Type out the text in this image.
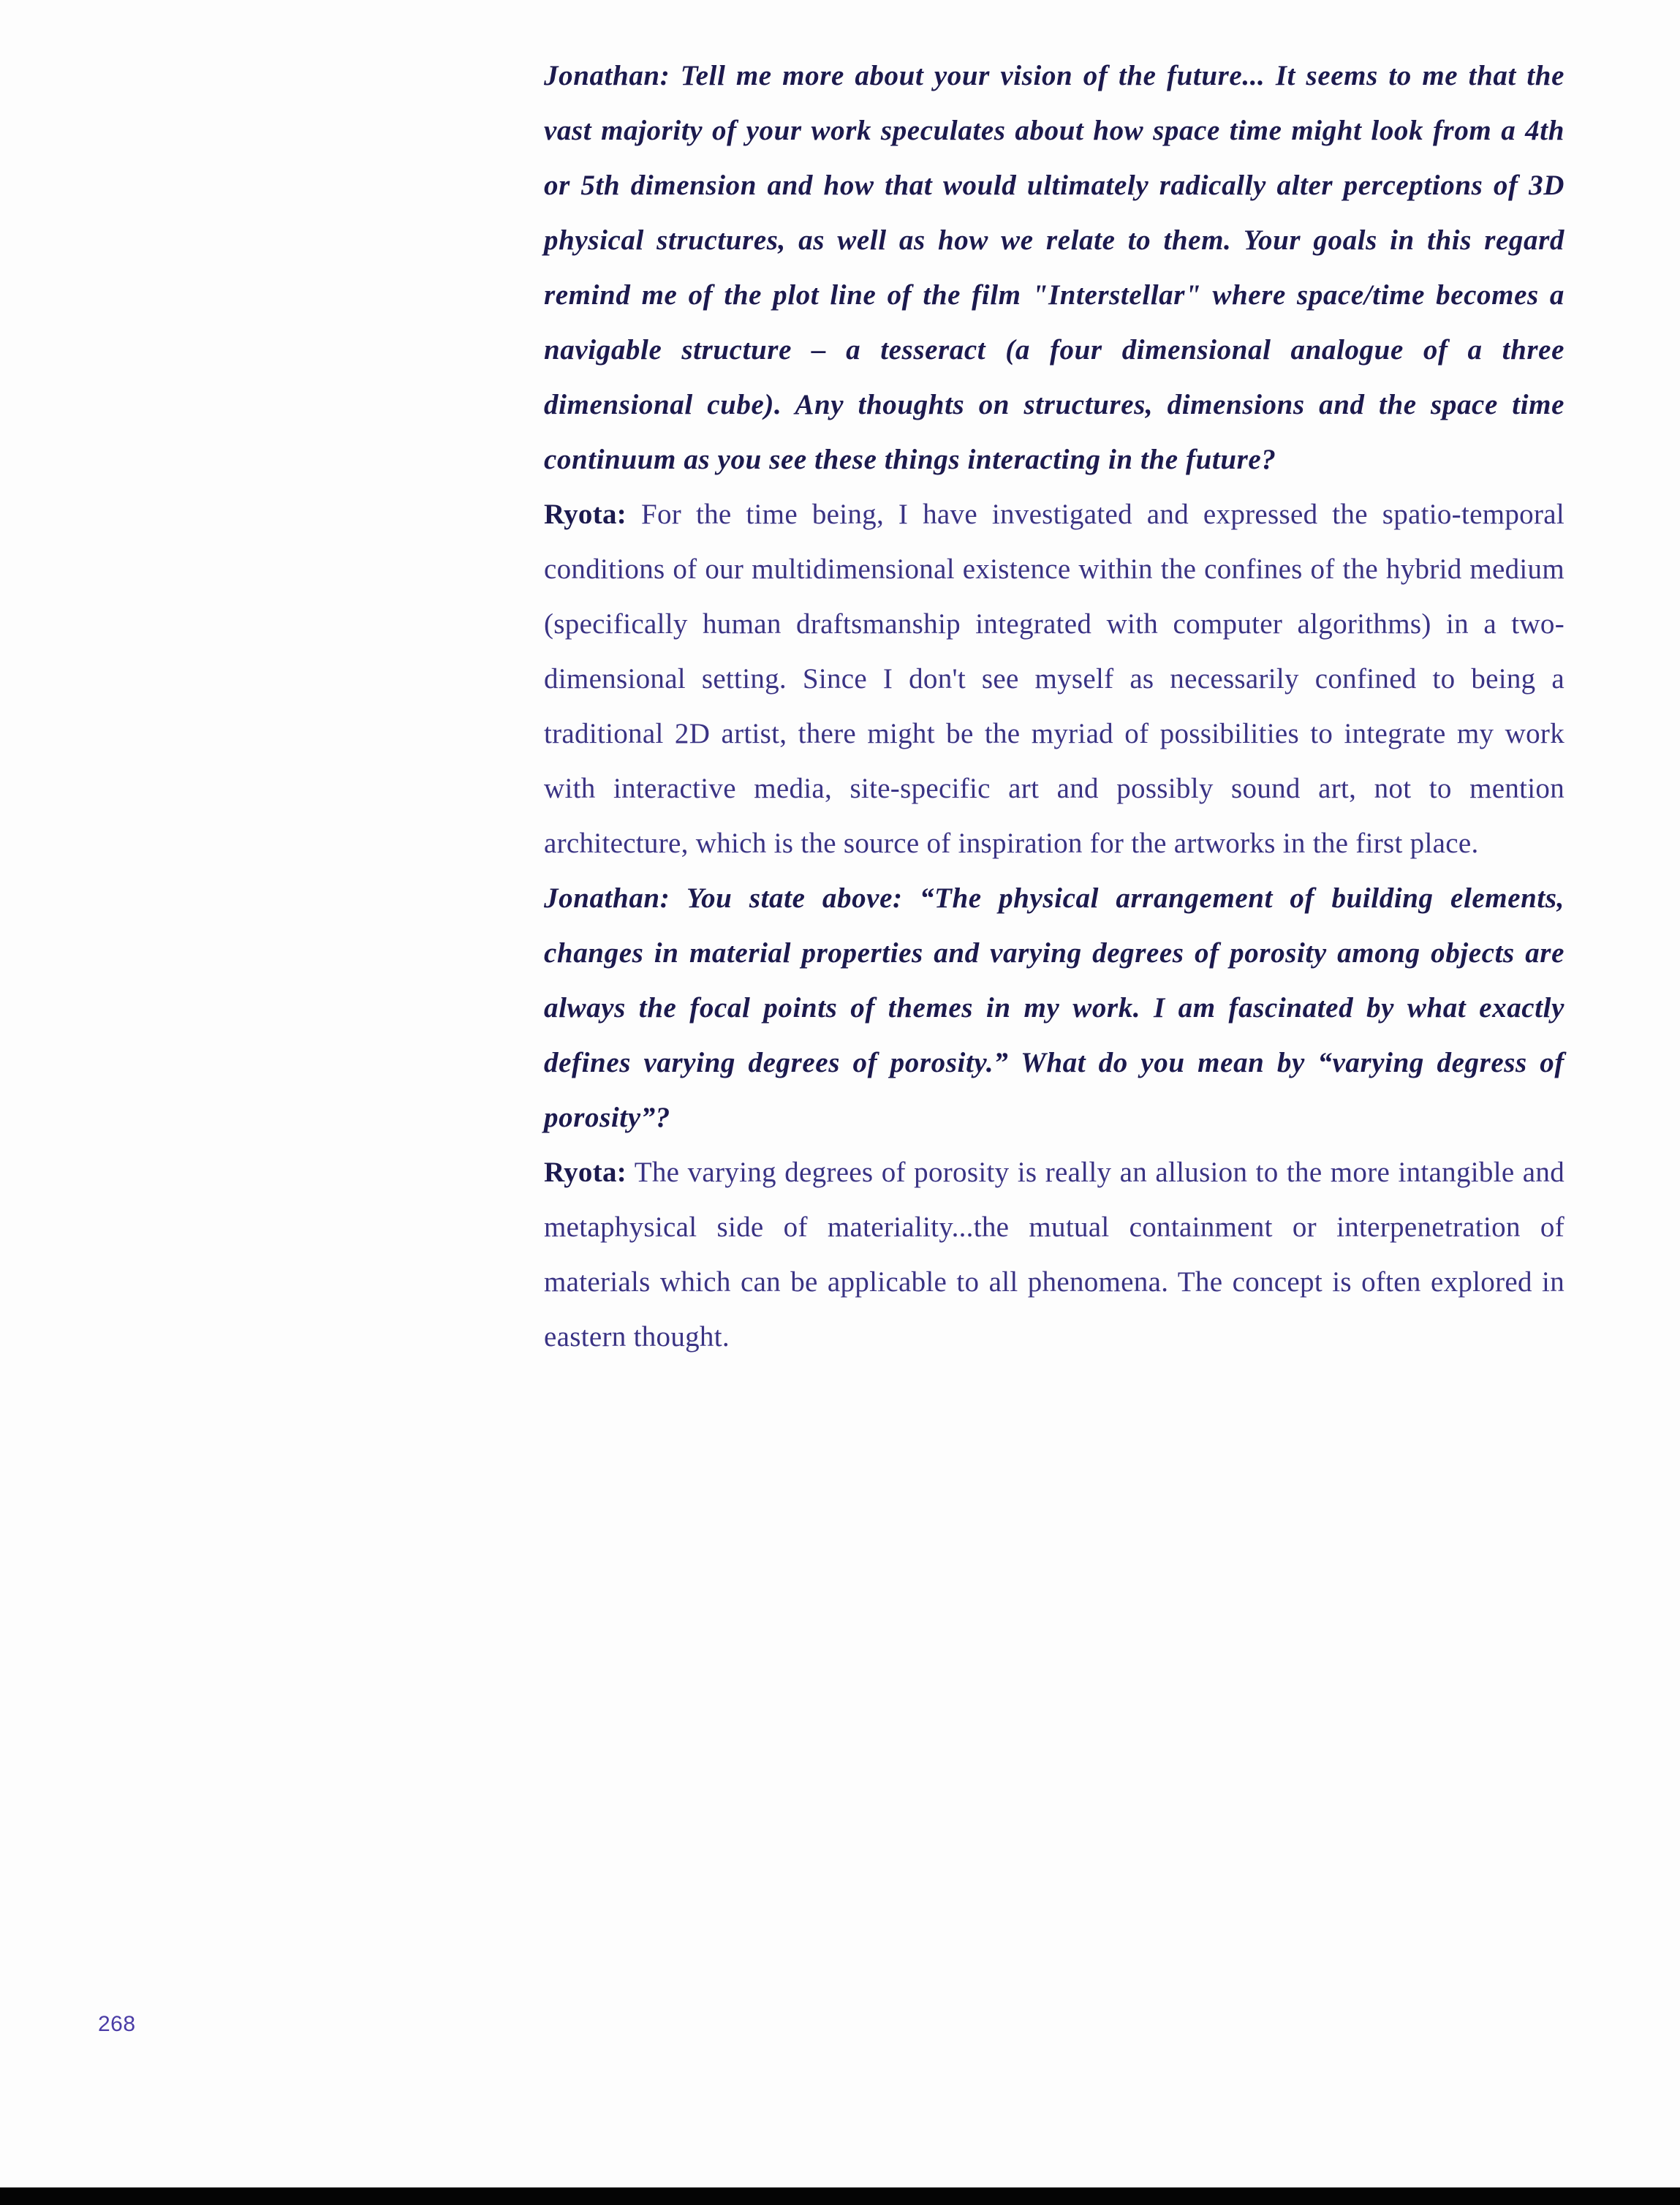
Jonathan: Tell me more about your vision of the future... It seems to me that the vast majority of your work speculates about how space time might look from a 4th or 5th dimension and how that would ultimately radically alter perceptions of 3D physical structures, as well as how we relate to them. Your goals in this regard remind me of the plot line of the film "Interstellar" where space/time becomes a navigable structure – a tesseract (a four dimensional analogue of a three dimensional cube). Any thoughts on structures, dimensions and the space time continuum as you see these things interacting in the future?

Ryota: For the time being, I have investigated and expressed the spatio-temporal conditions of our multidimensional existence within the confines of the hybrid medium (specifically human draftsmanship integrated with computer algorithms) in a two-dimensional setting. Since I don't see myself as necessarily confined to being a traditional 2D artist, there might be the myriad of possibilities to integrate my work with interactive media, site-specific art and possibly sound art, not to mention architecture, which is the source of inspiration for the artworks in the first place.

Jonathan: You state above: “The physical arrangement of building elements, changes in material properties and varying degrees of porosity among objects are always the focal points of themes in my work. I am fascinated by what exactly defines varying degrees of porosity.” What do you mean by “varying degress of porosity”?

Ryota: The varying degrees of porosity is really an allusion to the more intangible and metaphysical side of materiality...the mutual containment or interpenetration of materials which can be applicable to all phenomena. The concept is often explored in eastern thought.

268
